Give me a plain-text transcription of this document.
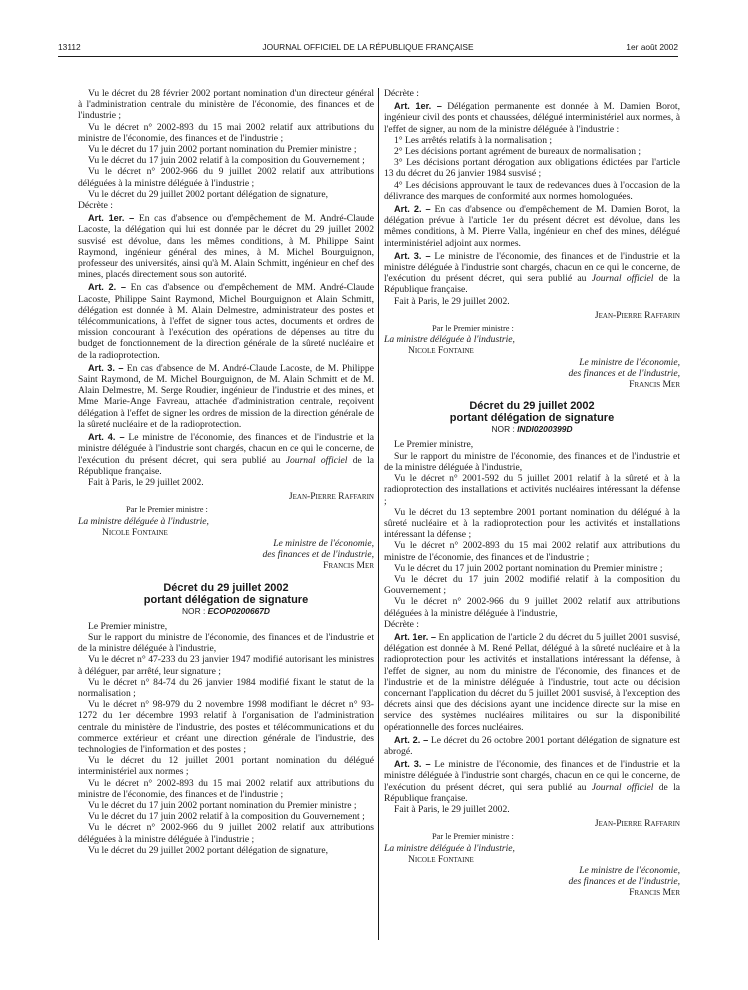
13112	JOURNAL OFFICIEL DE LA RÉPUBLIQUE FRANÇAISE	1er août 2002

Vu le décret du 28 février 2002 portant nomination d'un directeur général à l'administration centrale du ministère de l'économie, des finances et de l'industrie ;

Vu le décret n° 2002-893 du 15 mai 2002 relatif aux attributions du ministre de l'économie, des finances et de l'industrie ;

Vu le décret du 17 juin 2002 portant nomination du Premier ministre ;

Vu le décret du 17 juin 2002 relatif à la composition du Gouvernement ;

Vu le décret n° 2002-966 du 9 juillet 2002 relatif aux attributions déléguées à la ministre déléguée à l'industrie ;

Vu le décret du 29 juillet 2002 portant délégation de signature,

Décrète :

Art. 1er. – En cas d'absence ou d'empêchement de M. André-Claude Lacoste, la délégation qui lui est donnée par le décret du 29 juillet 2002 susvisé est dévolue, dans les mêmes conditions, à M. Philippe Saint Raymond, ingénieur général des mines, à M. Michel Bourguignon, professeur des universités, ainsi qu'à M. Alain Schmitt, ingénieur en chef des mines, placés directement sous son autorité.

Art. 2. – En cas d'absence ou d'empêchement de MM. André-Claude Lacoste, Philippe Saint Raymond, Michel Bourguignon et Alain Schmitt, délégation est donnée à M. Alain Delmestre, administrateur des postes et télécommunications, à l'effet de signer tous actes, documents et ordres de mission concourant à l'exécution des opérations de dépenses au titre du budget de fonctionnement de la direction générale de la sûreté nucléaire et de la radioprotection.

Art. 3. – En cas d'absence de M. André-Claude Lacoste, de M. Philippe Saint Raymond, de M. Michel Bourguignon, de M. Alain Schmitt et de M. Alain Delmestre, M. Serge Roudier, ingénieur de l'industrie et des mines, et Mme Marie-Ange Favreau, attachée d'administration centrale, reçoivent délégation à l'effet de signer les ordres de mission de la direction générale de la sûreté nucléaire et de la radioprotection.

Art. 4. – Le ministre de l'économie, des finances et de l'industrie et la ministre déléguée à l'industrie sont chargés, chacun en ce qui le concerne, de l'exécution du présent décret, qui sera publié au Journal officiel de la République française.

Fait à Paris, le 29 juillet 2002.

Jean-Pierre Raffarin
Par le Premier ministre :
La ministre déléguée à l'industrie,
Nicole Fontaine
Le ministre de l'économie,
des finances et de l'industrie,
Francis Mer
Décret du 29 juillet 2002
portant délégation de signature
NOR : ECOP0200667D

Le Premier ministre,

Sur le rapport du ministre de l'économie, des finances et de l'industrie et de la ministre déléguée à l'industrie,

Vu le décret n° 47-233 du 23 janvier 1947 modifié autorisant les ministres à déléguer, par arrêté, leur signature ;

Vu le décret n° 84-74 du 26 janvier 1984 modifié fixant le statut de la normalisation ;

Vu le décret n° 98-979 du 2 novembre 1998 modifiant le décret n° 93-1272 du 1er décembre 1993 relatif à l'organisation de l'administration centrale du ministère de l'industrie, des postes et télécommunications et du commerce extérieur et créant une direction générale de l'industrie, des technologies de l'information et des postes ;

Vu le décret du 12 juillet 2001 portant nomination du délégué interministériel aux normes ;

Vu le décret n° 2002-893 du 15 mai 2002 relatif aux attributions du ministre de l'économie, des finances et de l'industrie ;

Vu le décret du 17 juin 2002 portant nomination du Premier ministre ;

Vu le décret du 17 juin 2002 relatif à la composition du Gouvernement ;

Vu le décret n° 2002-966 du 9 juillet 2002 relatif aux attributions déléguées à la ministre déléguée à l'industrie ;

Vu le décret du 29 juillet 2002 portant délégation de signature,

Décrète :

Art. 1er. – Délégation permanente est donnée à M. Damien Borot, ingénieur civil des ponts et chaussées, délégué interministériel aux normes, à l'effet de signer, au nom de la ministre déléguée à l'industrie :

1° Les arrêtés relatifs à la normalisation ;

2° Les décisions portant agrément de bureaux de normalisation ;

3° Les décisions portant dérogation aux obligations édictées par l'article 13 du décret du 26 janvier 1984 susvisé ;

4° Les décisions approuvant le taux de redevances dues à l'occasion de la délivrance des marques de conformité aux normes homologuées.

Art. 2. – En cas d'absence ou d'empêchement de M. Damien Borot, la délégation prévue à l'article 1er du présent décret est dévolue, dans les mêmes conditions, à M. Pierre Valla, ingénieur en chef des mines, délégué interministériel adjoint aux normes.

Art. 3. – Le ministre de l'économie, des finances et de l'industrie et la ministre déléguée à l'industrie sont chargés, chacun en ce qui le concerne, de l'exécution du présent décret, qui sera publié au Journal officiel de la République française.

Fait à Paris, le 29 juillet 2002.

Jean-Pierre Raffarin
Par le Premier ministre :
La ministre déléguée à l'industrie,
Nicole Fontaine
Le ministre de l'économie,
des finances et de l'industrie,
Francis Mer
Décret du 29 juillet 2002
portant délégation de signature
NOR : INDI0200399D

Le Premier ministre,

Sur le rapport du ministre de l'économie, des finances et de l'industrie et de la ministre déléguée à l'industrie,

Vu le décret n° 2001-592 du 5 juillet 2001 relatif à la sûreté et à la radioprotection des installations et activités nucléaires intéressant la défense ;

Vu le décret du 13 septembre 2001 portant nomination du délégué à la sûreté nucléaire et à la radioprotection pour les activités et installations intéressant la défense ;

Vu le décret n° 2002-893 du 15 mai 2002 relatif aux attributions du ministre de l'économie, des finances et de l'industrie ;

Vu le décret du 17 juin 2002 portant nomination du Premier ministre ;

Vu le décret du 17 juin 2002 modifié relatif à la composition du Gouvernement ;

Vu le décret n° 2002-966 du 9 juillet 2002 relatif aux attributions déléguées à la ministre déléguée à l'industrie,

Décrète :

Art. 1er. – En application de l'article 2 du décret du 5 juillet 2001 susvisé, délégation est donnée à M. René Pellat, délégué à la sûreté nucléaire et à la radioprotection pour les activités et installations intéressant la défense, à l'effet de signer, au nom du ministre de l'économie, des finances et de l'industrie et de la ministre déléguée à l'industrie, tout acte ou décision concernant l'application du décret du 5 juillet 2001 susvisé, à l'exception des décrets ainsi que des décisions ayant une incidence directe sur la mise en service des systèmes nucléaires militaires ou sur la disponibilité opérationnelle des forces nucléaires.

Art. 2. – Le décret du 26 octobre 2001 portant délégation de signature est abrogé.

Art. 3. – Le ministre de l'économie, des finances et de l'industrie et la ministre déléguée à l'industrie sont chargés, chacun en ce qui le concerne, de l'exécution du présent décret, qui sera publié au Journal officiel de la République française.

Fait à Paris, le 29 juillet 2002.

Jean-Pierre Raffarin
Par le Premier ministre :
La ministre déléguée à l'industrie,
Nicole Fontaine
Le ministre de l'économie,
des finances et de l'industrie,
Francis Mer
